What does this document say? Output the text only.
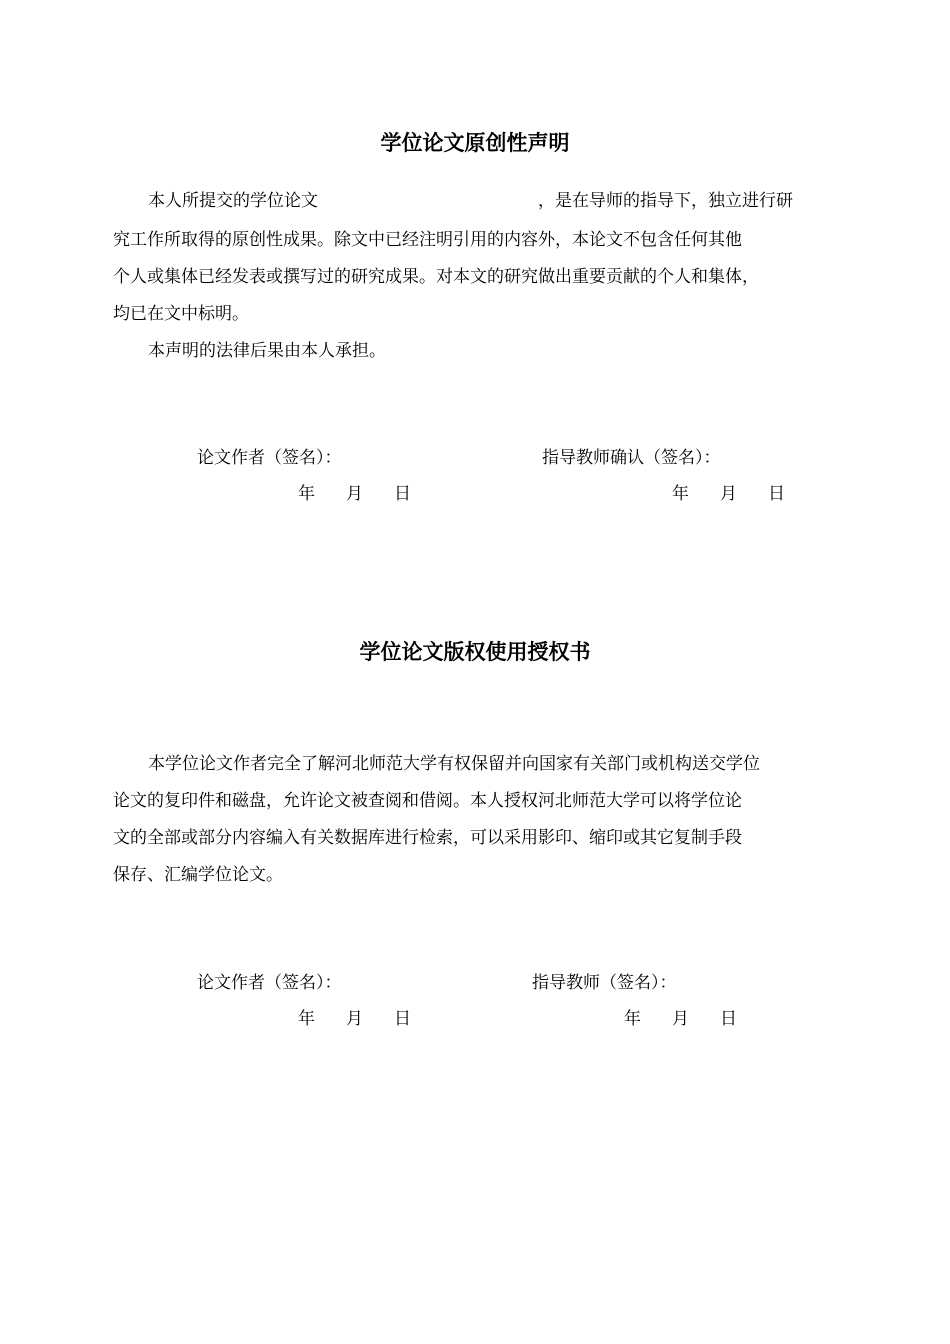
学位论文原创性声明
本人所提交的学位论文	，是在导师的指导下，独立进行研
究工作所取得的原创性成果。除文中已经注明引用的内容外，本论文不包含任何其他
个人或集体已经发表或撰写过的研究成果。对本文的研究做出重要贡献的个人和集体，
均已在文中标明。
本声明的法律后果由本人承担。
论文作者（签名）：	指导教师确认（签名）：
年 月 日	年 月 日
学位论文版权使用授权书
本学位论文作者完全了解河北师范大学有权保留并向国家有关部门或机构送交学位
论文的复印件和磁盘，允许论文被查阅和借阅。本人授权河北师范大学可以将学位论
文的全部或部分内容编入有关数据库进行检索，可以采用影印、缩印或其它复制手段
保存、汇编学位论文。
论文作者（签名）：	指导教师（签名）：
年 月 日	年 月 日
